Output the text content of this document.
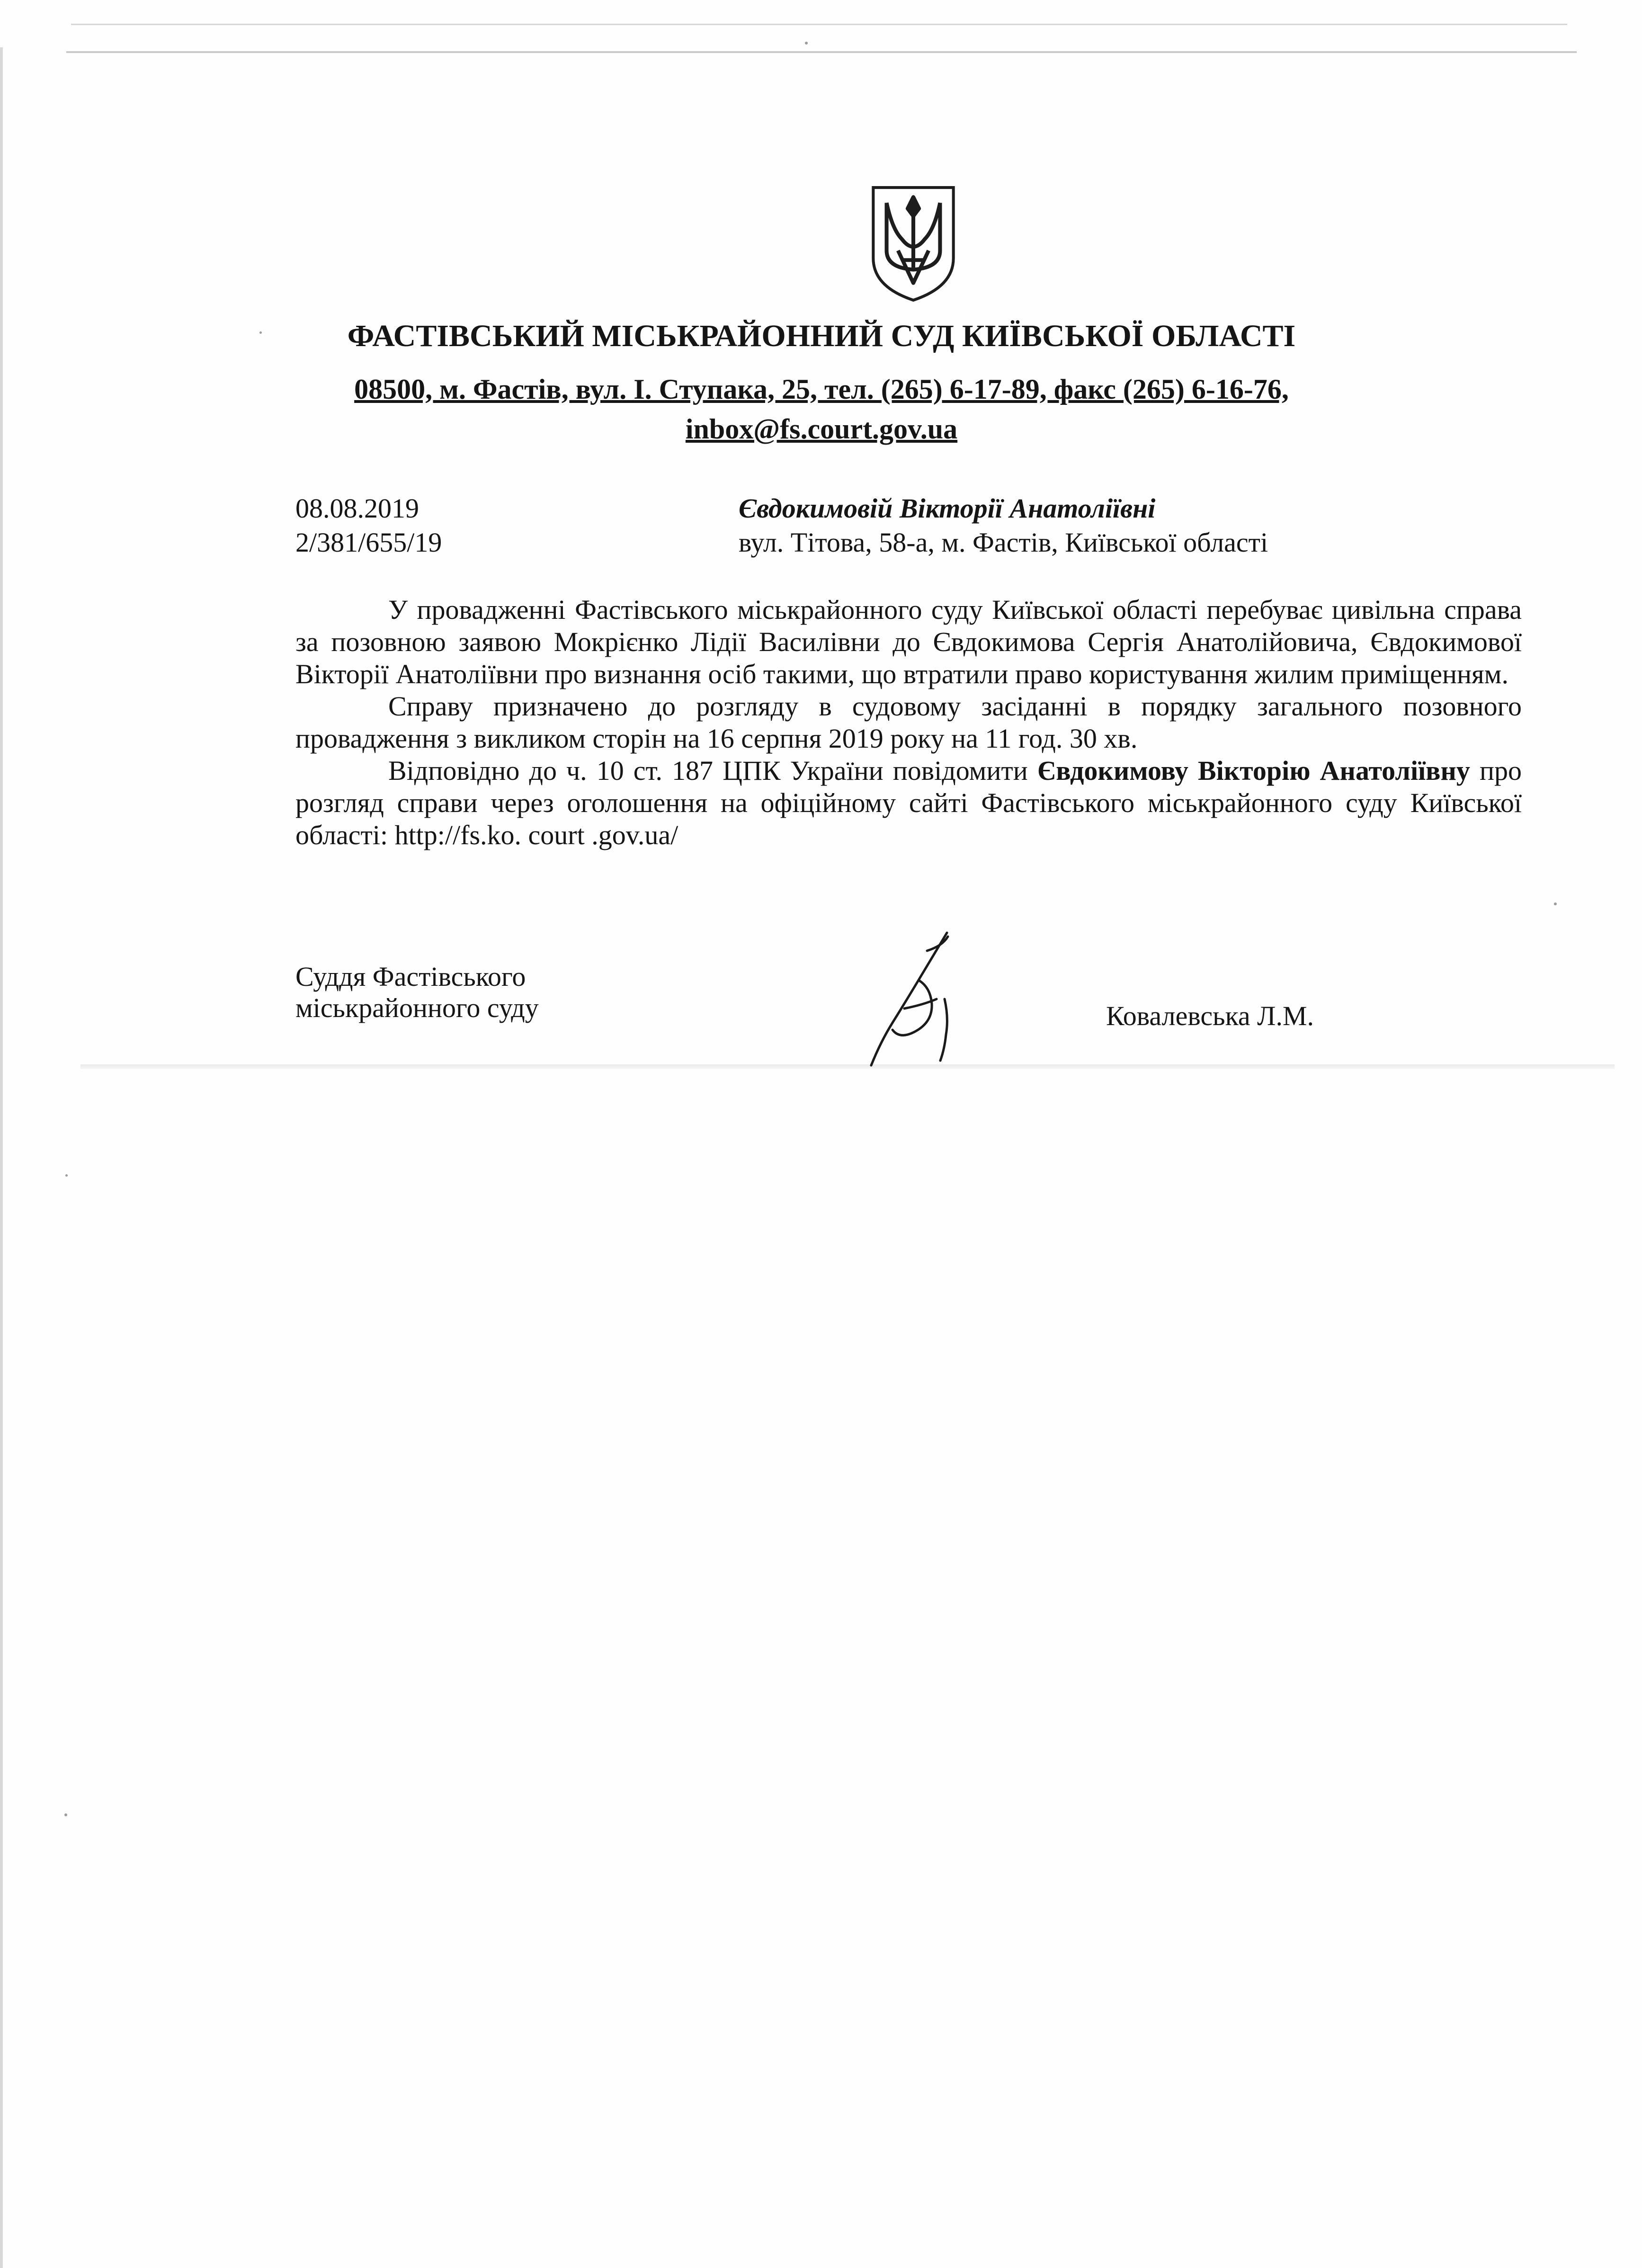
ФАСТІВСЬКИЙ МІСЬКРАЙОННИЙ СУД КИЇВСЬКОЇ ОБЛАСТІ
08500, м. Фастів, вул. І. Ступака, 25, тел. (265) 6-17-89, факс (265) 6-16-76,
inbox@fs.court.gov.ua
08.08.2019
2/381/655/19
Євдокимовій Вікторії Анатоліївні
вул. Тітова, 58-а, м. Фастів, Київської області

У провадженні Фастівського міськрайонного суду Київської області перебуває цивільна справа за позовною заявою Мокрієнко Лідії Василівни до Євдокимова Сергія Анатолійовича, Євдокимової Вікторії Анатоліївни про визнання осіб такими, що втратили право користування жилим приміщенням.

Справу призначено до розгляду в судовому засіданні в порядку загального позовного провадження з викликом сторін на 16 серпня 2019 року на 11 год. 30 хв.

Відповідно до ч. 10 ст. 187 ЦПК України повідомити Євдокимову Вікторію Анатоліївну про розгляд справи через оголошення на офіційному сайті Фастівського міськрайонного суду Київської області: http://fs.ko. court .gov.ua/

Суддя Фастівського
міськрайонного суду	Ковалевська Л.М.
